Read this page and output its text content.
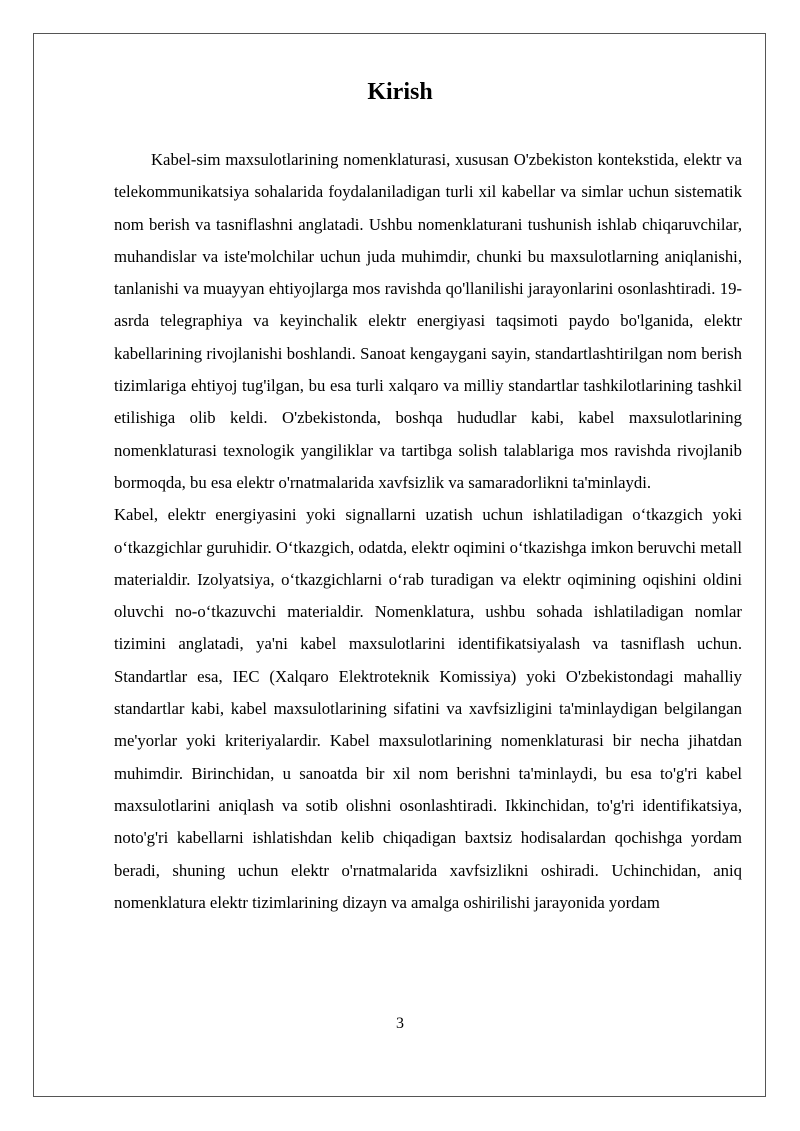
Kirish

Kabel-sim maxsulotlarining nomenklaturasi, xususan O'zbekiston kontekstida, elektr va telekommunikatsiya sohalarida foydalaniladigan turli xil kabellar va simlar uchun sistematik nom berish va tasniflashni anglatadi. Ushbu nomenklaturani tushunish ishlab chiqaruvchilar, muhandislar va iste'molchilar uchun juda muhimdir, chunki bu maxsulotlarning aniqlanishi, tanlanishi va muayyan ehtiyojlarga mos ravishda qo'llanilishi jarayonlarini osonlashtiradi. 19-asrda telegraphiya va keyinchalik elektr energiyasi taqsimoti paydo bo'lganida, elektr kabellarining rivojlanishi boshlandi. Sanoat kengaygani sayin, standartlashtirilgan nom berish tizimlariga ehtiyoj tug'ilgan, bu esa turli xalqaro va milliy standartlar tashkilotlarining tashkil etilishiga olib keldi. O'zbekistonda, boshqa hududlar kabi, kabel maxsulotlarining nomenklaturasi texnologik yangiliklar va tartibga solish talablariga mos ravishda rivojlanib bormoqda, bu esa elektr o'rnatmalarida xavfsizlik va samaradorlikni ta'minlaydi.

Kabel, elektr energiyasini yoki signallarni uzatish uchun ishlatiladigan o‘tkazgich yoki o‘tkazgichlar guruhidir. O‘tkazgich, odatda, elektr oqimini o‘tkazishga imkon beruvchi metall materialdir. Izolyatsiya, o‘tkazgichlarni o‘rab turadigan va elektr oqimining oqishini oldini oluvchi no-o‘tkazuvchi materialdir. Nomenklatura, ushbu sohada ishlatiladigan nomlar tizimini anglatadi, ya'ni kabel maxsulotlarini identifikatsiyalash va tasniflash uchun. Standartlar esa, IEC (Xalqaro Elektroteknik Komissiya) yoki O'zbekistondagi mahalliy standartlar kabi, kabel maxsulotlarining sifatini va xavfsizligini ta'minlaydigan belgilangan me'yorlar yoki kriteriyalardir. Kabel maxsulotlarining nomenklaturasi bir necha jihatdan muhimdir. Birinchidan, u sanoatda bir xil nom berishni ta'minlaydi, bu esa to'g'ri kabel maxsulotlarini aniqlash va sotib olishni osonlashtiradi. Ikkinchidan, to'g'ri identifikatsiya, noto'g'ri kabellarni ishlatishdan kelib chiqadigan baxtsiz hodisalardan qochishga yordam beradi, shuning uchun elektr o'rnatmalarida xavfsizlikni oshiradi. Uchinchidan, aniq nomenklatura elektr tizimlarining dizayn va amalga oshirilishi jarayonida yordam

3
